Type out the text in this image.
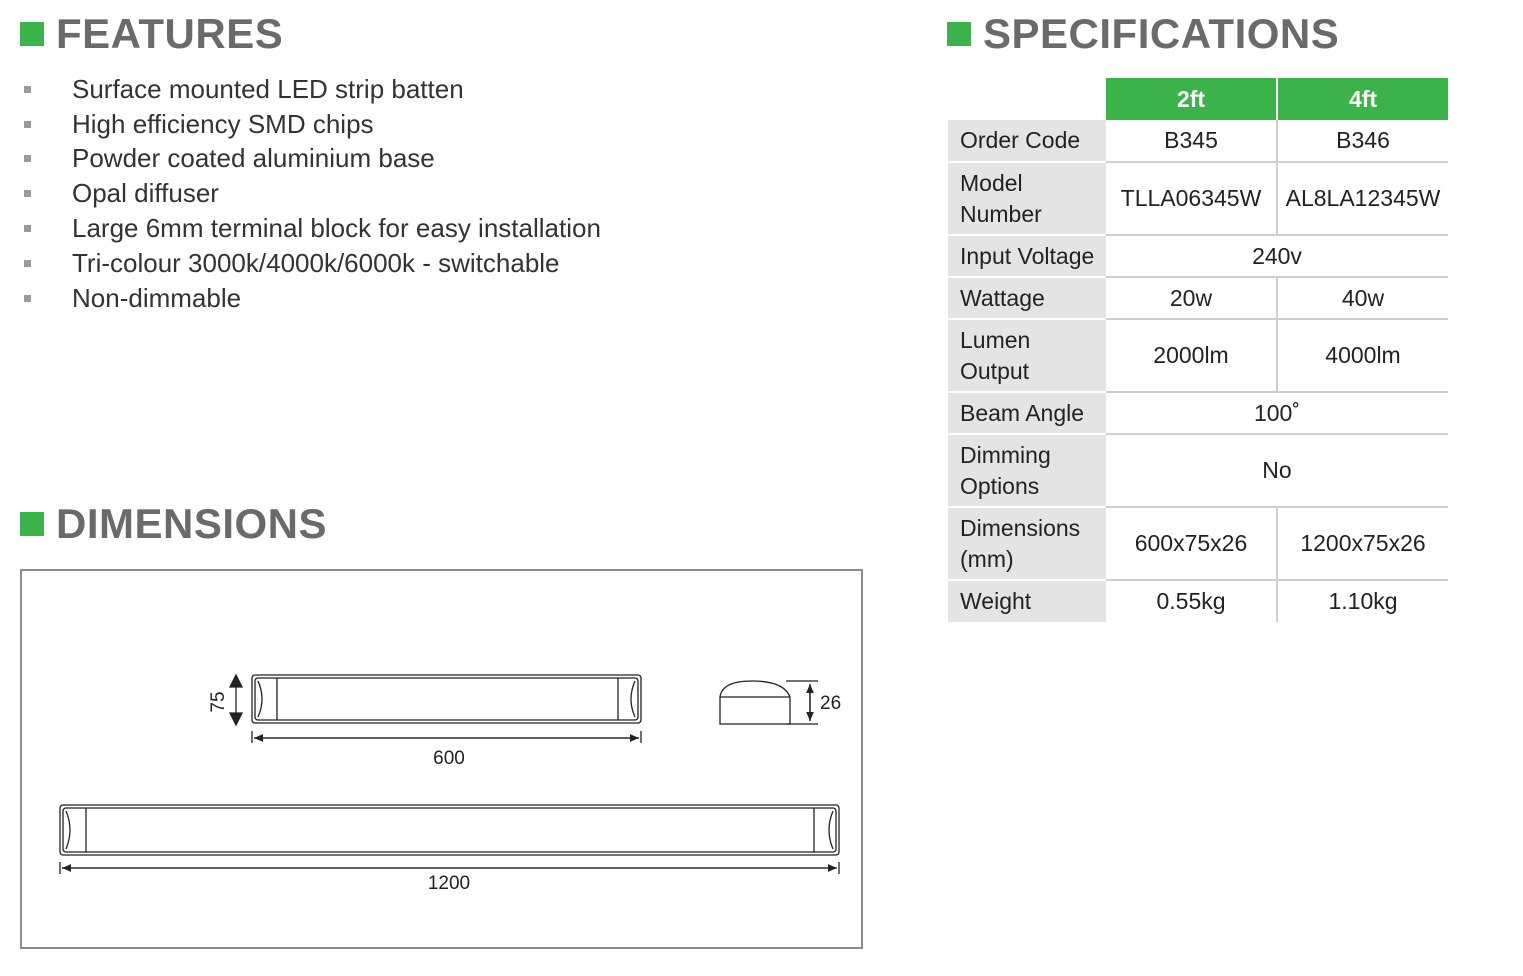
FEATURES
Surface mounted LED strip batten
High efficiency SMD chips
Powder coated aluminium base
Opal diffuser
Large 6mm terminal block for easy installation
Tri-colour 3000k/4000k/6000k - switchable
Non-dimmable
DIMENSIONS
75	26
600
1200
SPECIFICATIONS
	2ft	4ft
Order Code	B345	B346
Model
Number	TLLA06345W	AL8LA12345W
Input Voltage	240v	
Wattage	20w	40w
Lumen
Output	2000lm	4000lm
Beam Angle	100˚	
Dimming
Options	No	
Dimensions
(mm)	600x75x26	1200x75x26
Weight	0.55kg	1.10kg
